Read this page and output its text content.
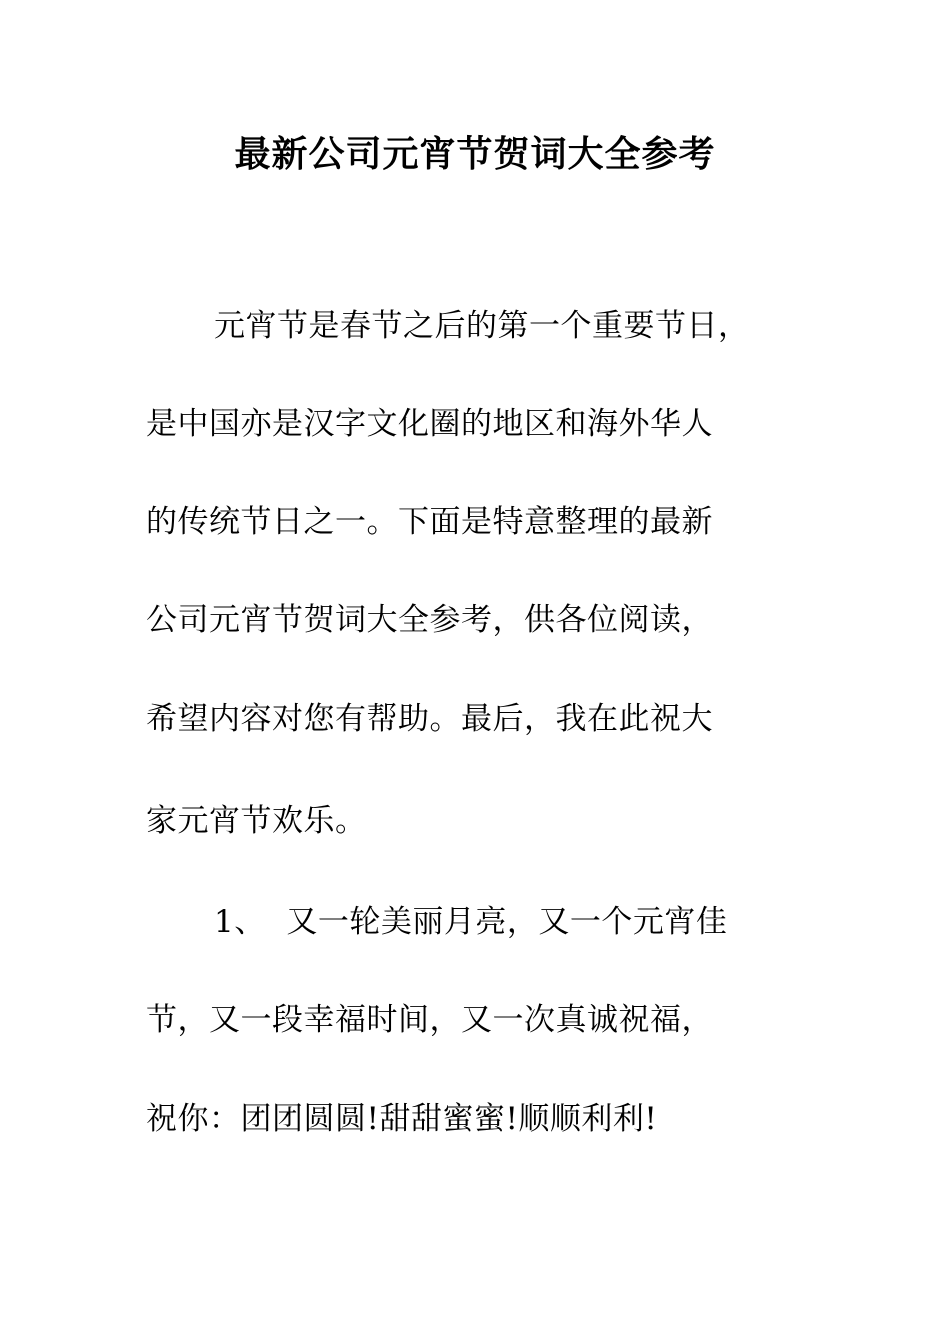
最新公司元宵节贺词大全参考
元宵节是春节之后的第一个重要节日，
是中国亦是汉字文化圈的地区和海外华人
的传统节日之一。下面是特意整理的最新
公司元宵节贺词大全参考，供各位阅读，
希望内容对您有帮助。最后，我在此祝大
家元宵节欢乐。
1、  又一轮美丽月亮，又一个元宵佳
节，又一段幸福时间，又一次真诚祝福，
祝你：团团圆圆!甜甜蜜蜜!顺顺利利!
